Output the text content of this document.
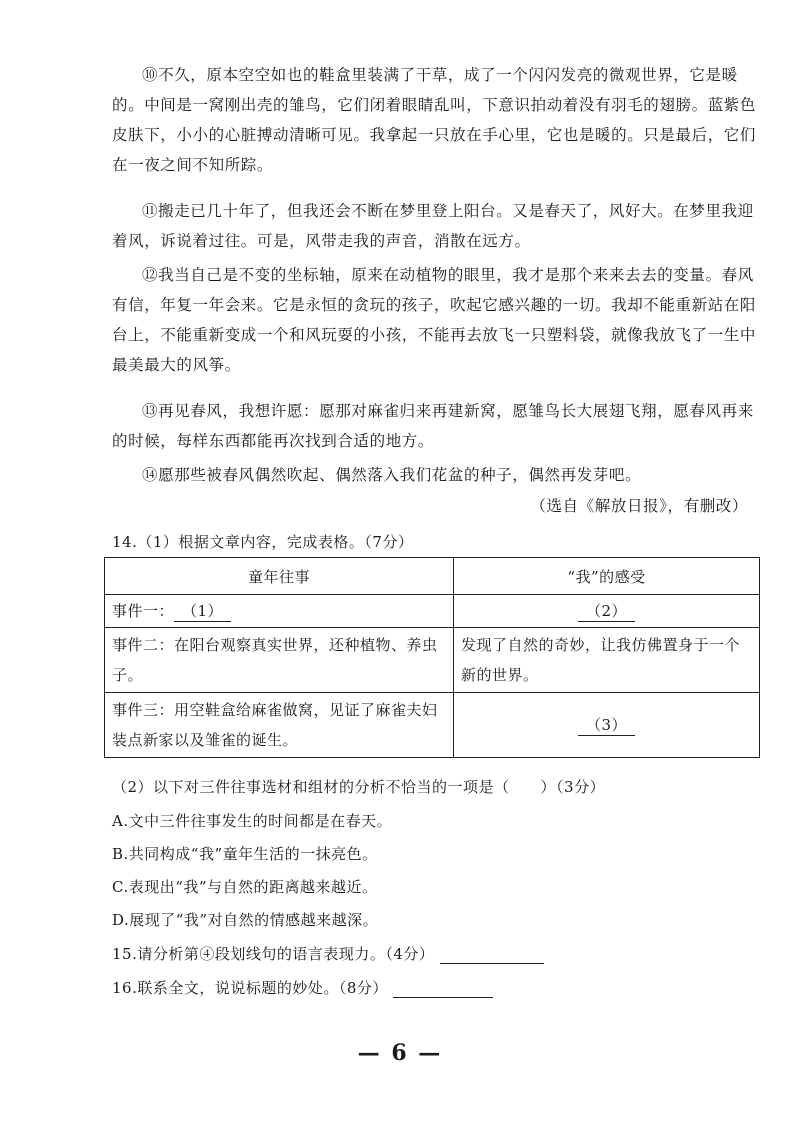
⑩不久，原本空空如也的鞋盒里装满了干草，成了一个闪闪发亮的微观世界，它是暖的。中间是一窝刚出壳的雏鸟，它们闭着眼睛乱叫，下意识拍动着没有羽毛的翅膀。蓝紫色皮肤下，小小的心脏搏动清晰可见。我拿起一只放在手心里，它也是暖的。只是最后，它们在一夜之间不知所踪。

⑪搬走已几十年了，但我还会不断在梦里登上阳台。又是春天了，风好大。在梦里我迎着风，诉说着过往。可是，风带走我的声音，消散在远方。

⑫我当自己是不变的坐标轴，原来在动植物的眼里，我才是那个来来去去的变量。春风有信，年复一年会来。它是永恒的贪玩的孩子，吹起它感兴趣的一切。我却不能重新站在阳台上，不能重新变成一个和风玩耍的小孩，不能再去放飞一只塑料袋，就像我放飞了一生中最美最大的风筝。

⑬再见春风，我想许愿：愿那对麻雀归来再建新窝，愿雏鸟长大展翅飞翔，愿春风再来的时候，每样东西都能再次找到合适的地方。

⑭愿那些被春风偶然吹起、偶然落入我们花盆的种子，偶然再发芽吧。

（选自《解放日报》，有删改）
14.（1）根据文章内容，完成表格。（7分）
童年往事	“我”的感受
事件一： （1）	（2）
事件二：在阳台观察真实世界，还种植物、养虫子。	发现了自然的奇妙，让我仿佛置身于一个新的世界。
事件三：用空鞋盒给麻雀做窝，见证了麻雀夫妇装点新家以及雏雀的诞生。	（3）
（2）以下对三件往事选材和组材的分析不恰当的一项是（　　）（3分）
A.文中三件往事发生的时间都是在春天。
B.共同构成“我”童年生活的一抹亮色。
C.表现出“我”与自然的距离越来越近。
D.展现了“我”对自然的情感越来越深。
15.请分析第④段划线句的语言表现力。（4分）
16.联系全文，说说标题的妙处。（8分）
— 6 —
